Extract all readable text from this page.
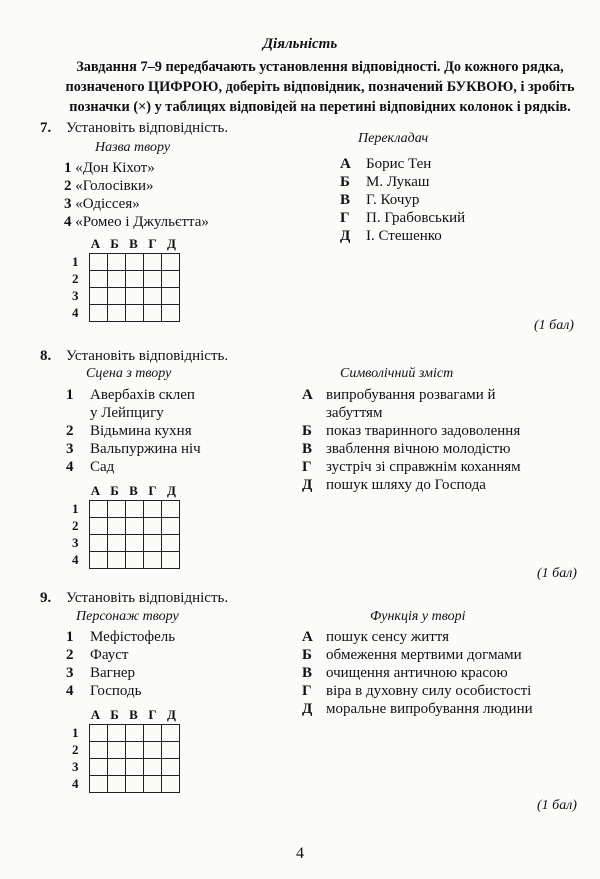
Діяльність
Завдання 7–9 передбачають установлення відповідності. До кожного рядка, позначеного ЦИФРОЮ, доберіть відповідник, позначений БУКВОЮ, і зробіть позначки (×) у таблицях відповідей на перетині відповідних колонок і рядків.
7. Установіть відповідність.
Назва твору
Перекладач
1 «Дон Кіхот»
2 «Голосівки»
3 «Одіссея»
4 «Ромео і Джульєтта»
А Борис Тен
Б М. Лукаш
В Г. Кочур
Г П. Грабовський
Д І. Стешенко
А Б В Г Д
1					
2					
3					
4					
(1 бал)
8. Установіть відповідність.
Сцена з твору	Символічний зміст
1 Авербахів склеп
у Лейпцигу
2 Відьмина кухня
3 Вальпуржина ніч
4 Сад
А випробування розвагами й
забуттям
Б показ тваринного задоволення
В зваблення вічною молодістю
Г зустріч зі справжнім коханням
Д пошук шляху до Господа
А Б В Г Д
1					
2					
3					
4					
(1 бал)
9. Установіть відповідність.
Персонаж твору	Функція у творі
1 Мефістофель
2 Фауст
3 Вагнер
4 Господь
А пошук сенсу життя
Б обмеження мертвими догмами
В очищення античною красою
Г віра в духовну силу особистості
Д моральне випробування людини
А Б В Г Д
1					
2					
3					
4					
(1 бал)
4
